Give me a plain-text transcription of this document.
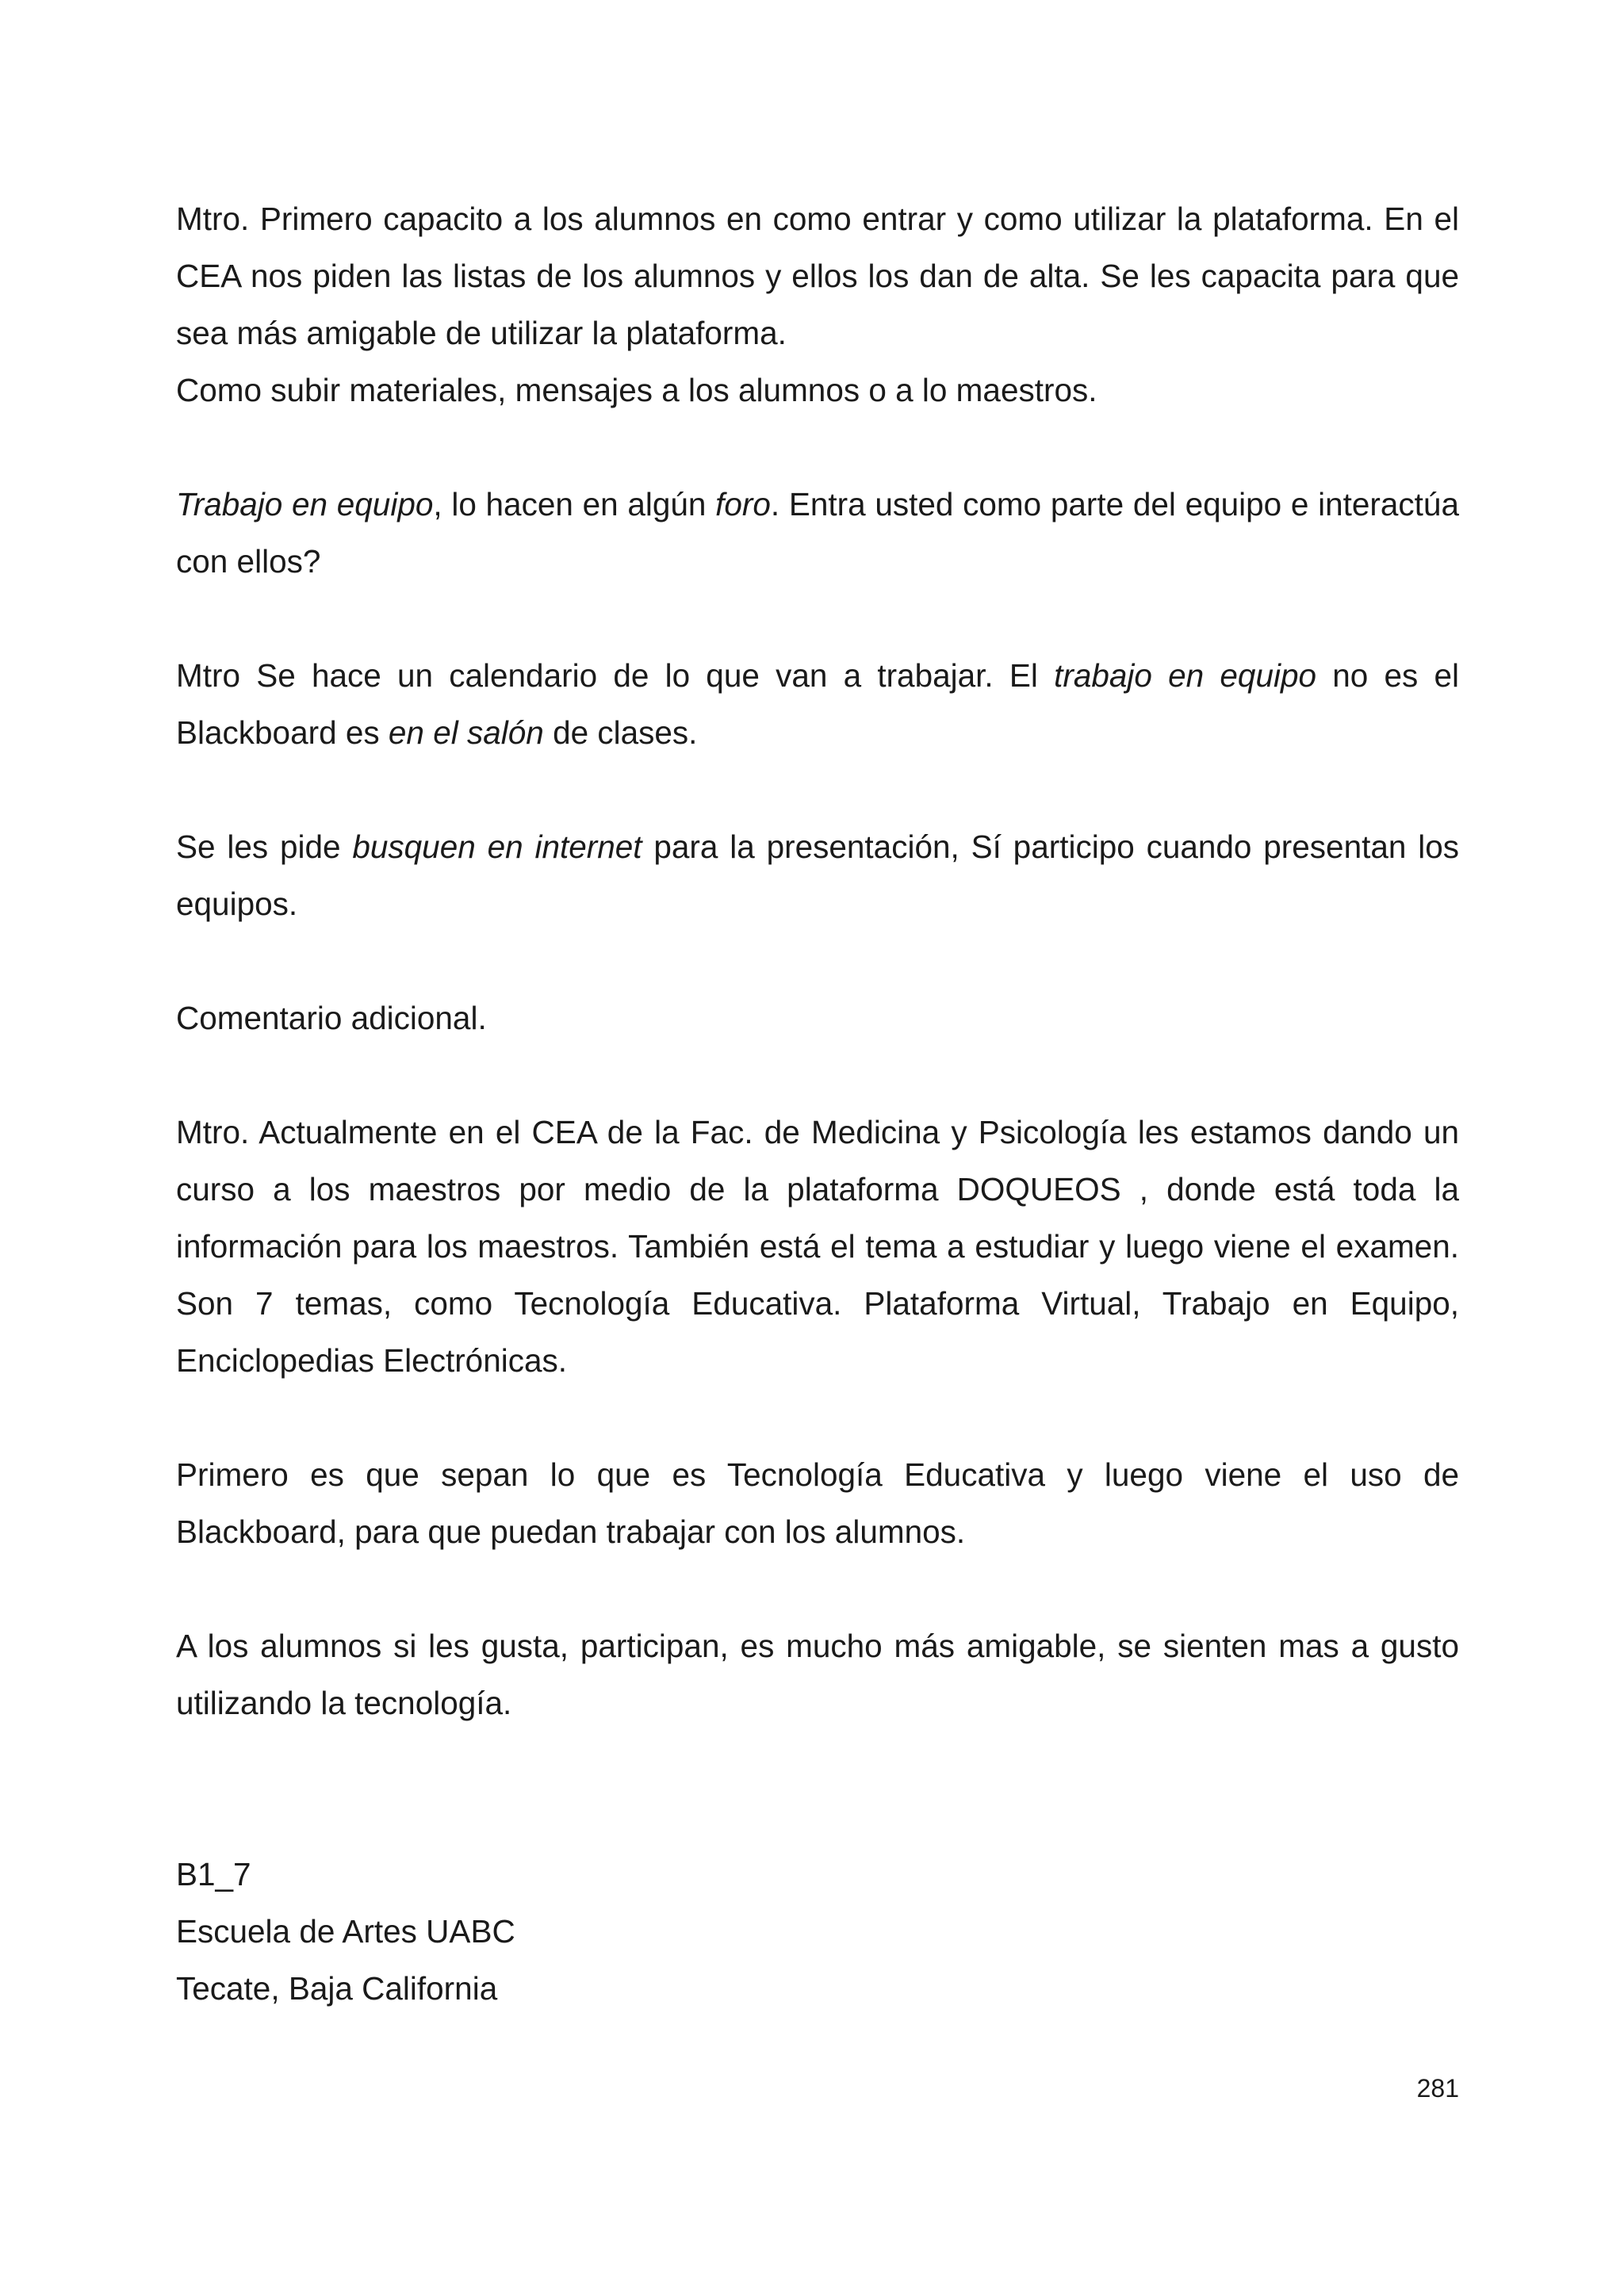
Mtro. Primero capacito a los alumnos en como entrar y como utilizar la plataforma. En el CEA nos piden las listas de los alumnos y ellos los dan de alta. Se les capacita para que sea más amigable de utilizar la plataforma.

Como subir materiales, mensajes a los alumnos o a lo maestros.

Trabajo en equipo, lo hacen en algún foro. Entra usted como parte del equipo e interactúa con ellos?

Mtro Se hace un calendario de lo que van a trabajar. El trabajo en equipo no es el Blackboard es en el salón de clases.

Se les pide busquen en internet para la presentación, Sí participo cuando presentan los equipos.

Comentario adicional.

Mtro. Actualmente en el CEA de la Fac. de Medicina y Psicología les estamos dando un curso a los maestros por medio de la plataforma DOQUEOS , donde está toda la información para los maestros. También está el tema a estudiar y luego viene el examen. Son 7 temas, como Tecnología Educativa. Plataforma Virtual, Trabajo en Equipo, Enciclopedias Electrónicas.

Primero es que sepan lo que es Tecnología Educativa y luego viene el uso de Blackboard, para que puedan trabajar con los alumnos.

A los alumnos si les gusta, participan, es mucho más amigable, se sienten mas a gusto utilizando la tecnología.

B1_7

Escuela de Artes UABC

Tecate, Baja California

281
